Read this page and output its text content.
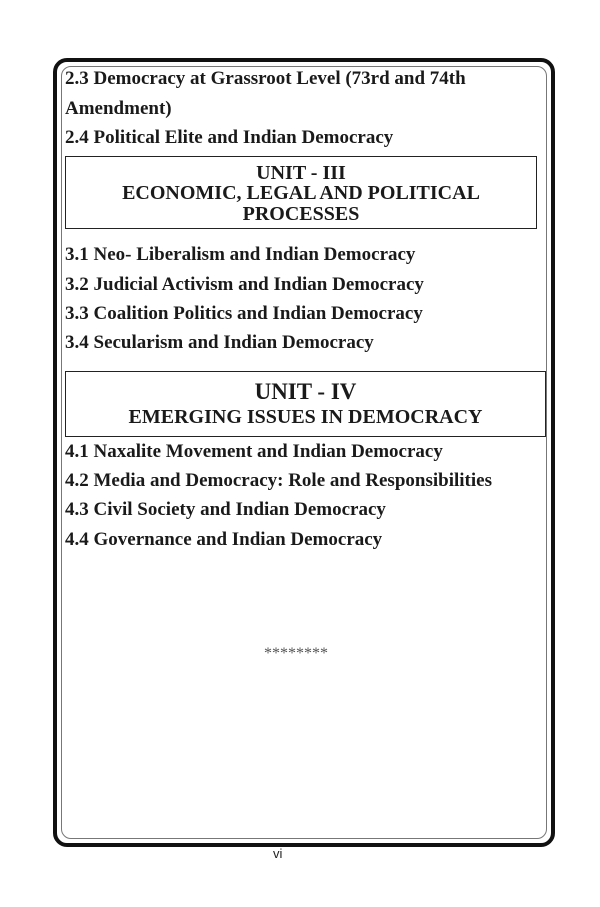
2.3 Democracy at Grassroot Level (73rd and 74th
Amendment)
2.4 Political Elite and Indian Democracy
UNIT - III
ECONOMIC, LEGAL AND POLITICAL
PROCESSES
3.1 Neo- Liberalism and Indian Democracy
3.2 Judicial Activism and Indian Democracy
3.3 Coalition Politics and Indian Democracy
3.4 Secularism and Indian Democracy
UNIT - IV
EMERGING ISSUES IN DEMOCRACY
4.1 Naxalite Movement and Indian Democracy
4.2 Media and Democracy: Role and Responsibilities
4.3 Civil Society and Indian Democracy
4.4 Governance and Indian Democracy
********
vi
